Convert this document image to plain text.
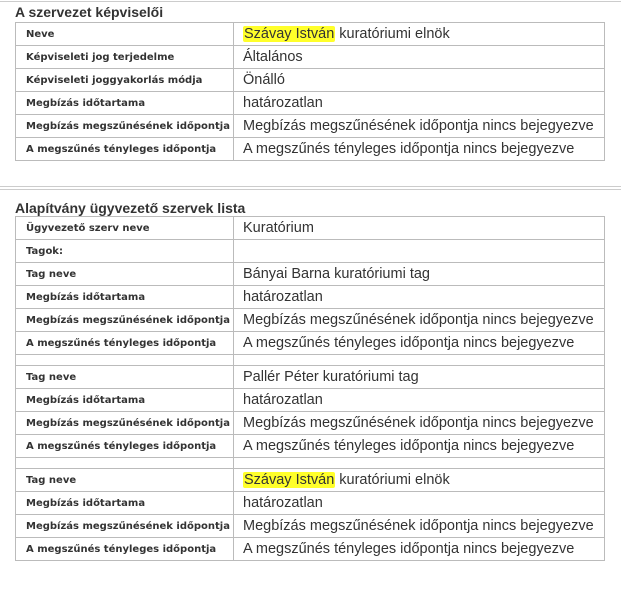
A szervezet képviselői
Neve	Szávay István kuratóriumi elnök
Képviseleti jog terjedelme	Általános
Képviseleti joggyakorlás módja	Önálló
Megbízás időtartama	határozatlan
Megbízás megszűnésének időpontja	Megbízás megszűnésének időpontja nincs bejegyezve
A megszűnés tényleges időpontja	A megszűnés tényleges időpontja nincs bejegyezve
Alapítvány ügyvezető szervek lista
Ügyvezető szerv neve	Kuratórium
Tagok:	
Tag neve	Bányai Barna kuratóriumi tag
Megbízás időtartama	határozatlan
Megbízás megszűnésének időpontja	Megbízás megszűnésének időpontja nincs bejegyezve
A megszűnés tényleges időpontja	A megszűnés tényleges időpontja nincs bejegyezve

Tag neve	Pallér Péter kuratóriumi tag
Megbízás időtartama	határozatlan
Megbízás megszűnésének időpontja	Megbízás megszűnésének időpontja nincs bejegyezve
A megszűnés tényleges időpontja	A megszűnés tényleges időpontja nincs bejegyezve

Tag neve	Szávay István kuratóriumi elnök
Megbízás időtartama	határozatlan
Megbízás megszűnésének időpontja	Megbízás megszűnésének időpontja nincs bejegyezve
A megszűnés tényleges időpontja	A megszűnés tényleges időpontja nincs bejegyezve
